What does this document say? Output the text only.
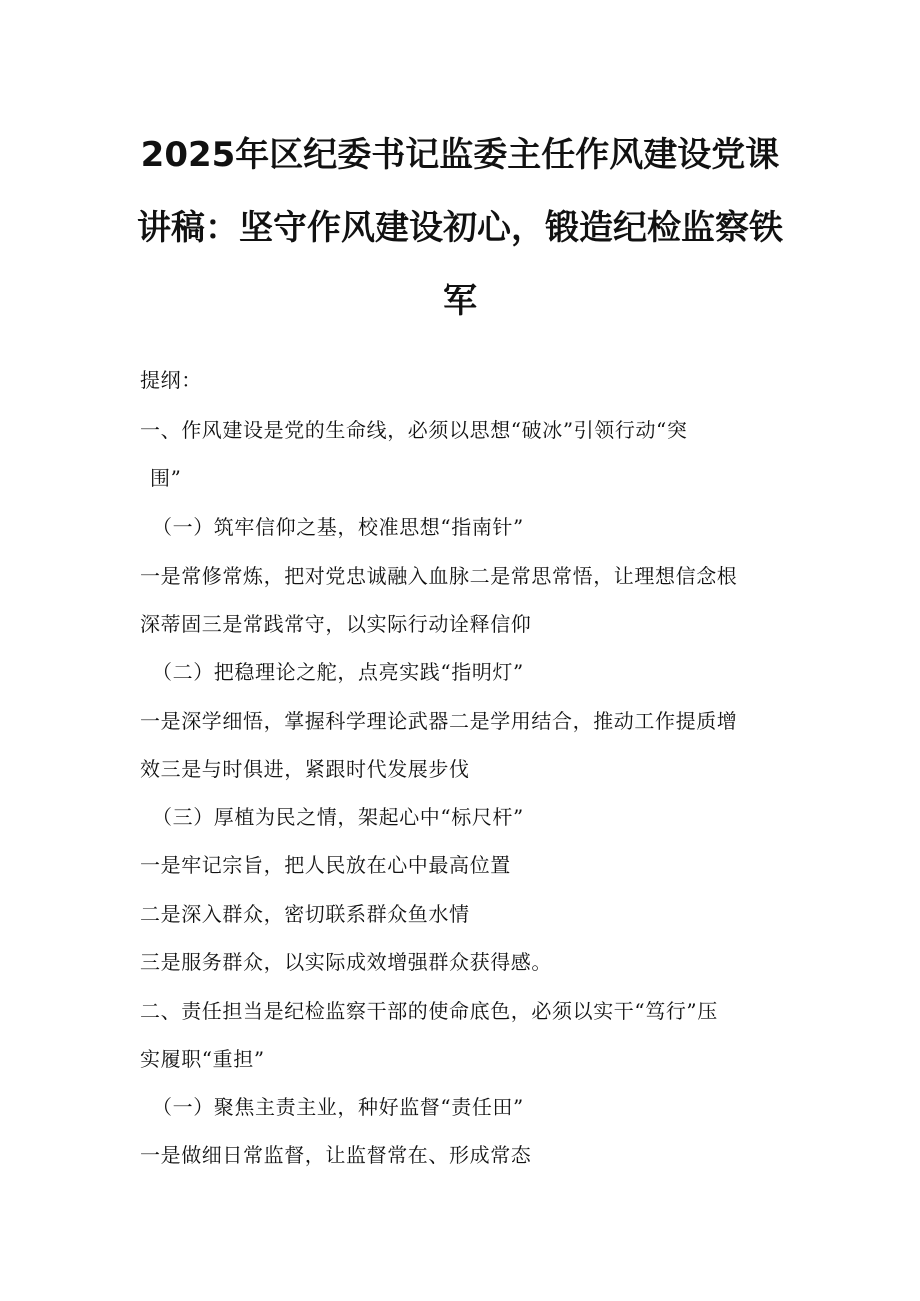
2025年区纪委书记监委主任作风建设党课
讲稿：坚守作风建设初心，锻造纪检监察铁
军
提纲：
一、作风建设是党的生命线，必须以思想“破冰”引领行动“突
围”
（一）筑牢信仰之基，校准思想“指南针”
一是常修常炼，把对党忠诚融入血脉二是常思常悟，让理想信念根
深蒂固三是常践常守，以实际行动诠释信仰
（二）把稳理论之舵，点亮实践“指明灯”
一是深学细悟，掌握科学理论武器二是学用结合，推动工作提质增
效三是与时俱进，紧跟时代发展步伐
（三）厚植为民之情，架起心中“标尺杆”
一是牢记宗旨，把人民放在心中最高位置
二是深入群众，密切联系群众鱼水情
三是服务群众，以实际成效增强群众获得感。
二、责任担当是纪检监察干部的使命底色，必须以实干“笃行”压
实履职“重担”
（一）聚焦主责主业，种好监督“责任田”
一是做细日常监督，让监督常在、形成常态
